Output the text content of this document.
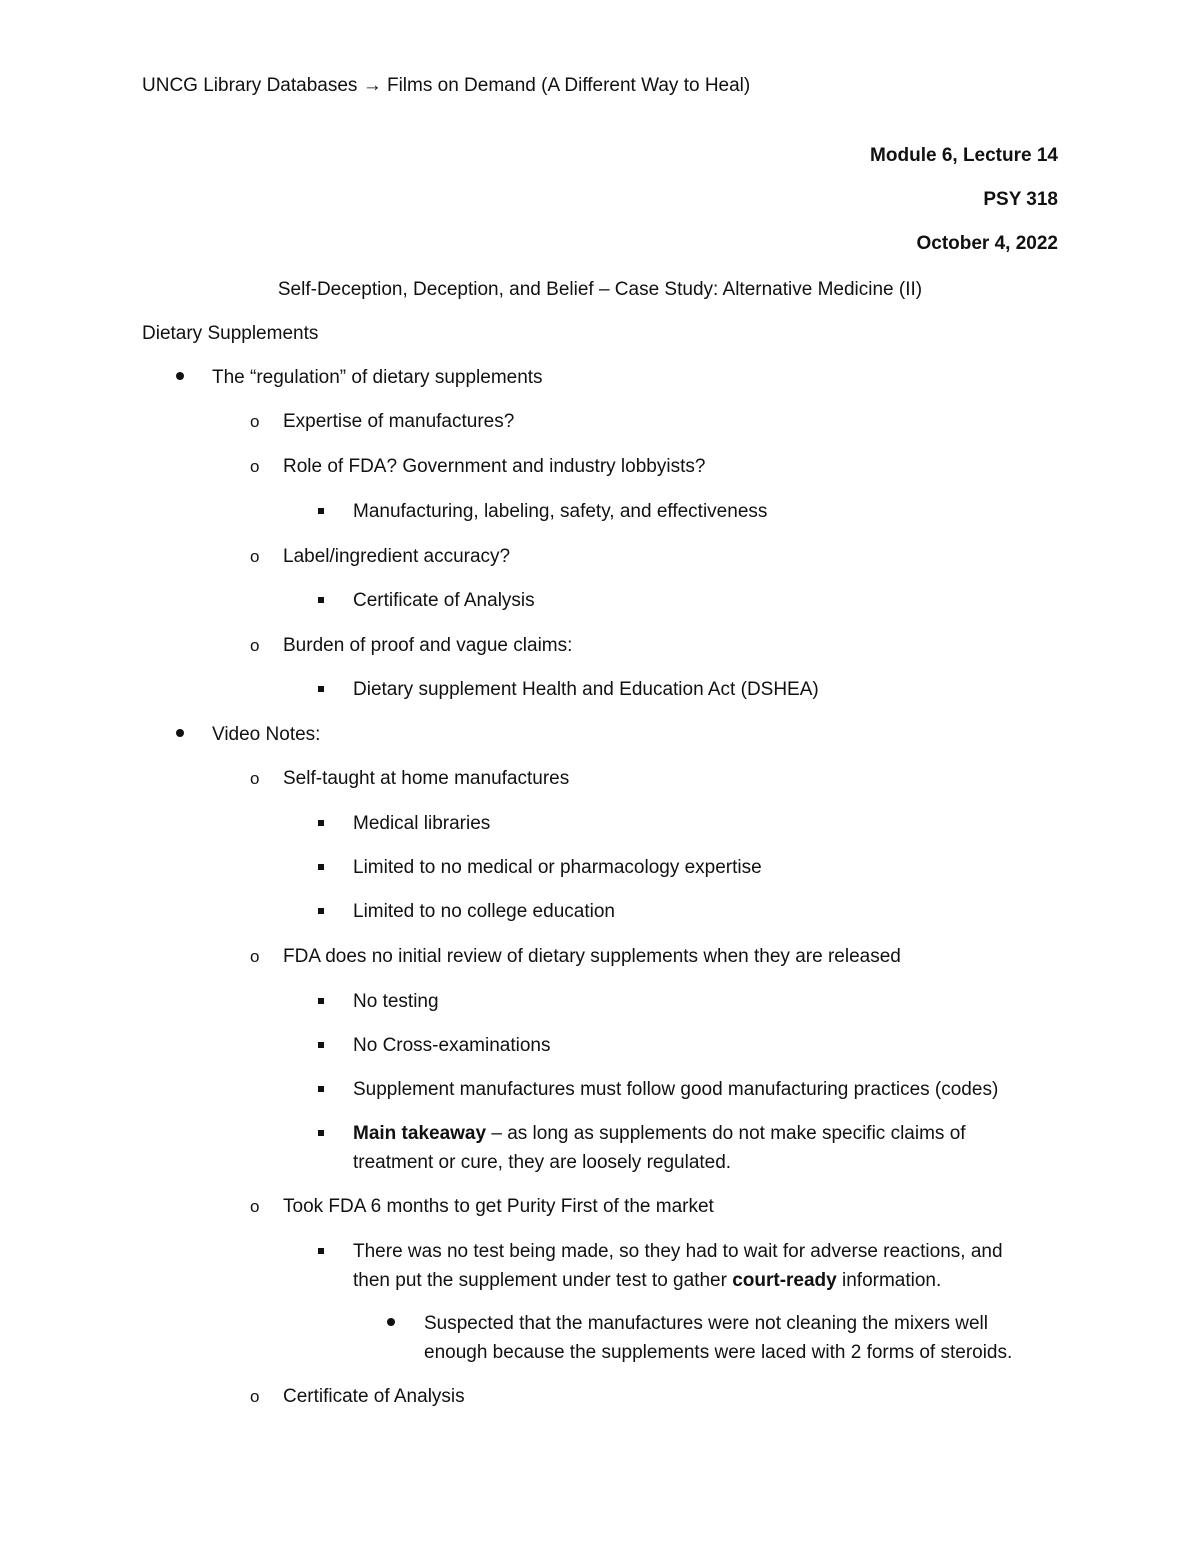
UNCG Library Databases → Films on Demand (A Different Way to Heal)
Module 6, Lecture 14
PSY 318
October 4, 2022
Self-Deception, Deception, and Belief – Case Study: Alternative Medicine (II)
Dietary Supplements
The “regulation” of dietary supplements
o Expertise of manufactures?
o Role of FDA? Government and industry lobbyists?
Manufacturing, labeling, safety, and effectiveness
o Label/ingredient accuracy?
Certificate of Analysis
o Burden of proof and vague claims:
Dietary supplement Health and Education Act (DSHEA)
Video Notes:
o Self-taught at home manufactures
Medical libraries
Limited to no medical or pharmacology expertise
Limited to no college education
o FDA does no initial review of dietary supplements when they are released
No testing
No Cross-examinations
Supplement manufactures must follow good manufacturing practices (codes)
Main takeaway – as long as supplements do not make specific claims of
treatment or cure, they are loosely regulated.
o Took FDA 6 months to get Purity First of the market
There was no test being made, so they had to wait for adverse reactions, and
then put the supplement under test to gather court-ready information.
Suspected that the manufactures were not cleaning the mixers well
enough because the supplements were laced with 2 forms of steroids.
o Certificate of Analysis
